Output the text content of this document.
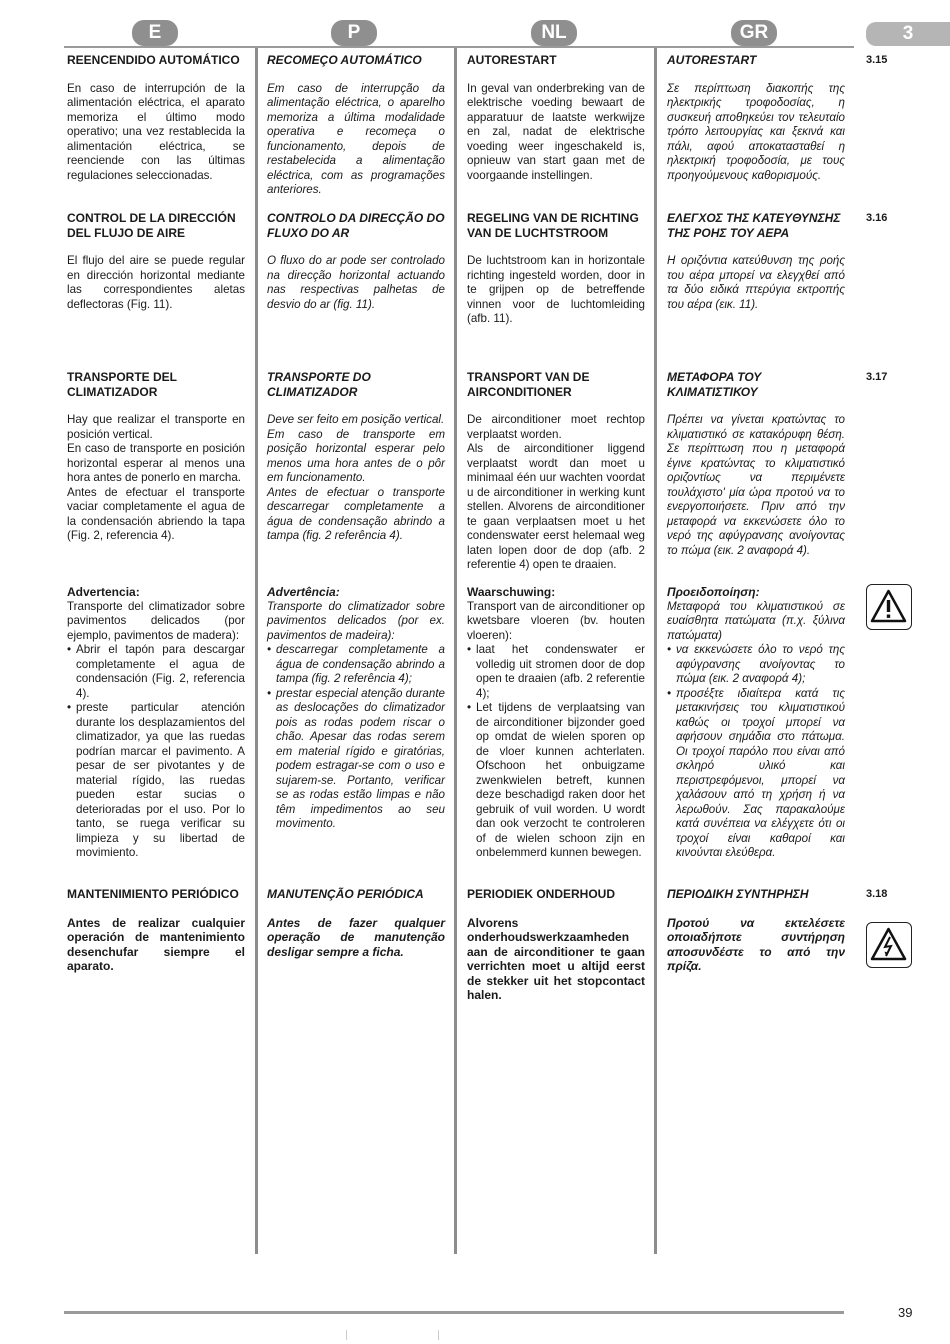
E	P	NL	GR	3

REENCENDIDO AUTOMÁTICO

En caso de interrupción de la alimentación eléctrica, el aparato memoriza el último modo operativo; una vez restablecida la alimentación eléctrica, se reenciende con las últimas regulaciones seleccionadas.

RECOMEÇO AUTOMÁTICO

Em caso de interrupção da alimentação eléctrica, o aparelho memoriza a última modalidade operativa e recomeça o funcionamento, depois de restabelecida a alimentação eléctrica, com as programações anteriores.

AUTORESTART

In geval van onderbreking van de elektrische voeding bewaart de apparatuur de laatste werkwijze en zal, nadat de elektrische voeding weer ingeschakeld is, opnieuw van start gaan met de voorgaande instellingen.

AUTORESTART

Σε περίπτωση διακοπής της ηλεκτρικής τροφοδοσίας, η συσκευή αποθηκεύει τον τελευταίο τρόπο λειτουργίας και ξεκινά και πάλι, αφού αποκατασταθεί η ηλεκτρική τροφοδοσία, με τους προηγούμενους καθορισμούς.

3.15

CONTROL DE LA DIRECCIÓN DEL FLUJO DE AIRE

El flujo del aire se puede regular en dirección horizontal mediante las correspondientes aletas deflectoras (Fig. 11).

CONTROLO DA DIRECÇÃO DO FLUXO DO AR

O fluxo do ar pode ser controlado na direcção horizontal actuando nas respectivas palhetas de desvio do ar (fig. 11).

REGELING VAN DE RICHTING VAN DE LUCHTSTROOM

De luchtstroom kan in horizontale richting ingesteld worden, door in te grijpen op de betreffende vinnen voor de luchtomleiding (afb. 11).

ΕΛΕΓΧΟΣ ΤΗΣ ΚΑΤΕΥΘΥΝΣΗΣ ΤΗΣ ΡΟΗΣ ΤΟΥ ΑΕΡΑ

Η οριζόντια κατεύθυνση της ροής του αέρα μπορεί να ελεγχθεί από τα δύο ειδικά πτερύγια εκτροπής του αέρα (εικ. 11).

3.16

TRANSPORTE DEL CLIMATIZADOR

Hay que realizar el transporte en posición vertical.
En caso de transporte en posición horizontal esperar al menos una hora antes de ponerlo en marcha.
Antes de efectuar el transporte vaciar completamente el agua de la condensación abriendo la tapa (Fig. 2, referencia 4).

TRANSPORTE DO CLIMATIZADOR

Deve ser feito em posição vertical.
Em caso de transporte em posição horizontal esperar pelo menos uma hora antes de o pôr em funcionamento.
Antes de efectuar o transporte descarregar completamente a água de condensação abrindo a tampa (fig. 2 referência 4).

TRANSPORT VAN DE AIRCONDITIONER

De airconditioner moet rechtop verplaatst worden.
Als de airconditioner liggend verplaatst wordt dan moet u minimaal één uur wachten voordat u de airconditioner in werking kunt stellen. Alvorens de airconditioner te gaan verplaatsen moet u het condenswater eerst helemaal weg laten lopen door de dop (afb. 2 referentie 4) open te draaien.

ΜΕΤΑΦΟΡΑ ΤΟΥ ΚΛΙΜΑΤΙΣΤΙΚΟΥ

Πρέπει να γίνεται κρατώντας το κλιματιστικό σε κατακόρυφη θέση. Σε περίπτωση που η μεταφορά έγινε κρατώντας το κλιματιστικό οριζοντίως να περιμένετε τουλάχιστο' μία ώρα προτού να το ενεργοποιήσετε. Πριν από την μεταφορά να εκκενώσετε όλο το νερό της αφύγρανσης ανοίγοντας το πώμα (εικ. 2 αναφορά 4).

3.17

Advertencia:

Transporte del climatizador sobre pavimentos delicados (por ejemplo, pavimentos de madera):

• Abrir el tapón para descargar completamente el agua de condensación (Fig. 2, referencia 4).
• preste particular atención durante los desplazamientos del climatizador, ya que las ruedas podrían marcar el pavimento. A pesar de ser pivotantes y de material rígido, las ruedas pueden estar sucias o deterioradas por el uso. Por lo tanto, se ruega verificar su limpieza y su libertad de movimiento.

Advertência:

Transporte do climatizador sobre pavimentos delicados (por ex. pavimentos de madeira):

• descarregar completamente a água de condensação abrindo a tampa (fig. 2 referência 4);
• prestar especial atenção durante as deslocações do climatizador pois as rodas podem riscar o chão. Apesar das rodas serem em material rígido e giratórias, podem estragar-se com o uso e sujarem-se. Portanto, verificar se as rodas estão limpas e não têm impedimentos ao seu movimento.

Waarschuwing:

Transport van de airconditioner op kwetsbare vloeren (bv. houten vloeren):

• laat het condenswater er volledig uit stromen door de dop open te draaien (afb. 2 referentie 4);
• Let tijdens de verplaatsing van de airconditioner bijzonder goed op omdat de wielen sporen op de vloer kunnen achterlaten. Ofschoon het onbuigzame zwenkwielen betreft, kunnen deze beschadigd raken door het gebruik of vuil worden. U wordt dan ook verzocht te controleren of de wielen schoon zijn en onbelemmerd kunnen bewegen.

Προειδοποίηση:

Μεταφορά του κλιματιστικού σε ευαίσθητα πατώματα (π.χ. ξύλινα πατώματα)

• να εκκενώσετε όλο το νερό της αφύγρανσης ανοίγοντας το πώμα (εικ. 2 αναφορά 4);
• προσέξτε ιδιαίτερα κατά τις μετακινήσεις του κλιματιστικού καθώς οι τροχοί μπορεί να αφήσουν σημάδια στο πάτωμα. Οι τροχοί παρόλο που είναι από σκληρό υλικό και περιστρεφόμενοι, μπορεί να χαλάσουν από τη χρήση ή να λερωθούν. Σας παρακαλούμε κατά συνέπεια να ελέγχετε ότι οι τροχοί είναι καθαροί και κινούνται ελεύθερα.

MANTENIMIENTO PERIÓDICO

Antes de realizar cualquier operación de mantenimiento desenchufar siempre el aparato.

MANUTENÇÃO PERIÓDICA

Antes de fazer qualquer operação de manutenção desligar sempre a ficha.

PERIODIEK ONDERHOUD

Alvorens onderhoudswerkzaamheden aan de airconditioner te gaan verrichten moet u altijd eerst de stekker uit het stopcontact halen.

ΠΕΡΙΟΔΙΚΗ ΣΥΝΤΗΡΗΣΗ

Προτού να εκτελέσετε οποιαδήποτε συντήρηση αποσυνδέστε το από την πρίζα.

3.18
39
